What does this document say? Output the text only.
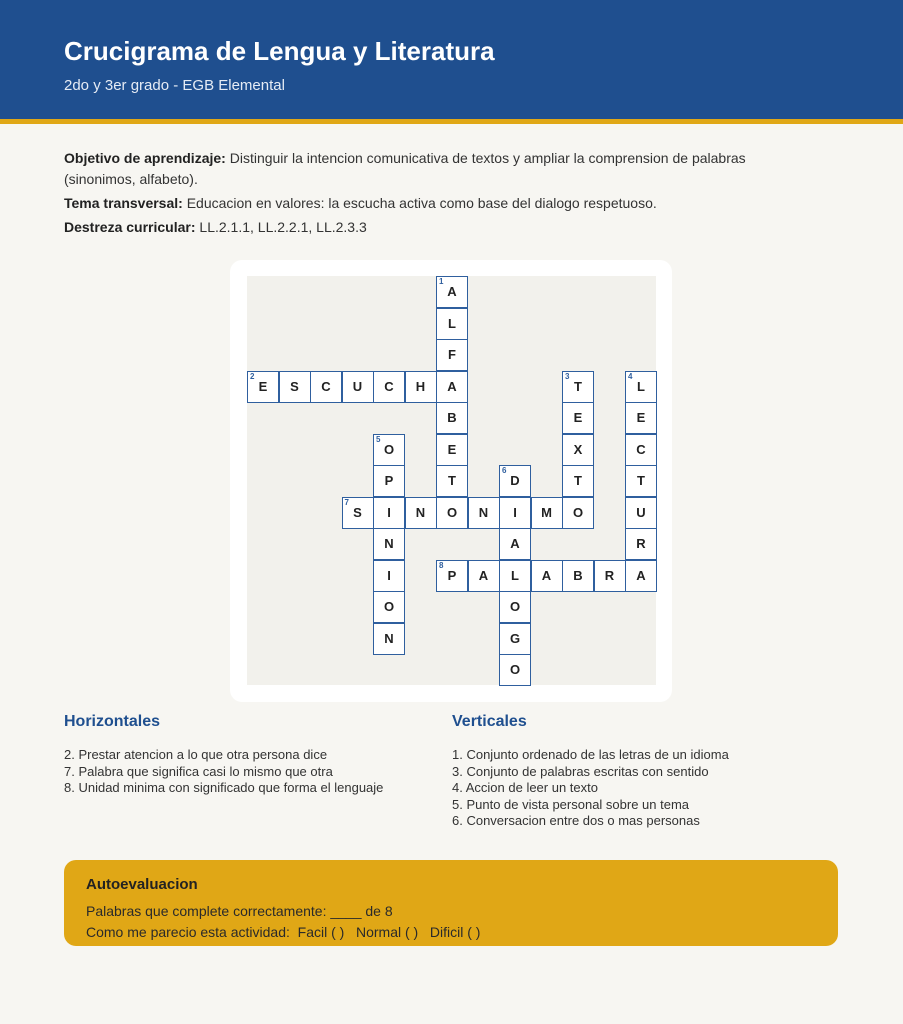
Crucigrama de Lengua y Literatura
2do y 3er grado - EGB Elemental

Objetivo de aprendizaje: Distinguir la intencion comunicativa de textos y ampliar la comprension de palabras (sinonimos, alfabeto).

Tema transversal: Educacion en valores: la escucha activa como base del dialogo respetuoso.

Destreza curricular: LL.2.1.1, LL.2.2.1, LL.2.3.3

1
A
L
F
A
B
E
T
O
2
E	S	C	U	C	H
3
T
E
X
T
O
4
L
E
C
T
U
R
A
5
O
P
I
N
I
O
N
6
D
I
A
L
O
G
O
7
S	N	N	M
8
P	A	A	B	R
Horizontales
2. Prestar atencion a lo que otra persona dice
7. Palabra que significa casi lo mismo que otra
8. Unidad minima con significado que forma el lenguaje
Verticales
1. Conjunto ordenado de las letras de un idioma
3. Conjunto de palabras escritas con sentido
4. Accion de leer un texto
5. Punto de vista personal sobre un tema
6. Conversacion entre dos o mas personas
Autoevaluacion
Palabras que complete correctamente: ____ de 8
Como me parecio esta actividad:  Facil ( )   Normal ( )   Dificil ( )
